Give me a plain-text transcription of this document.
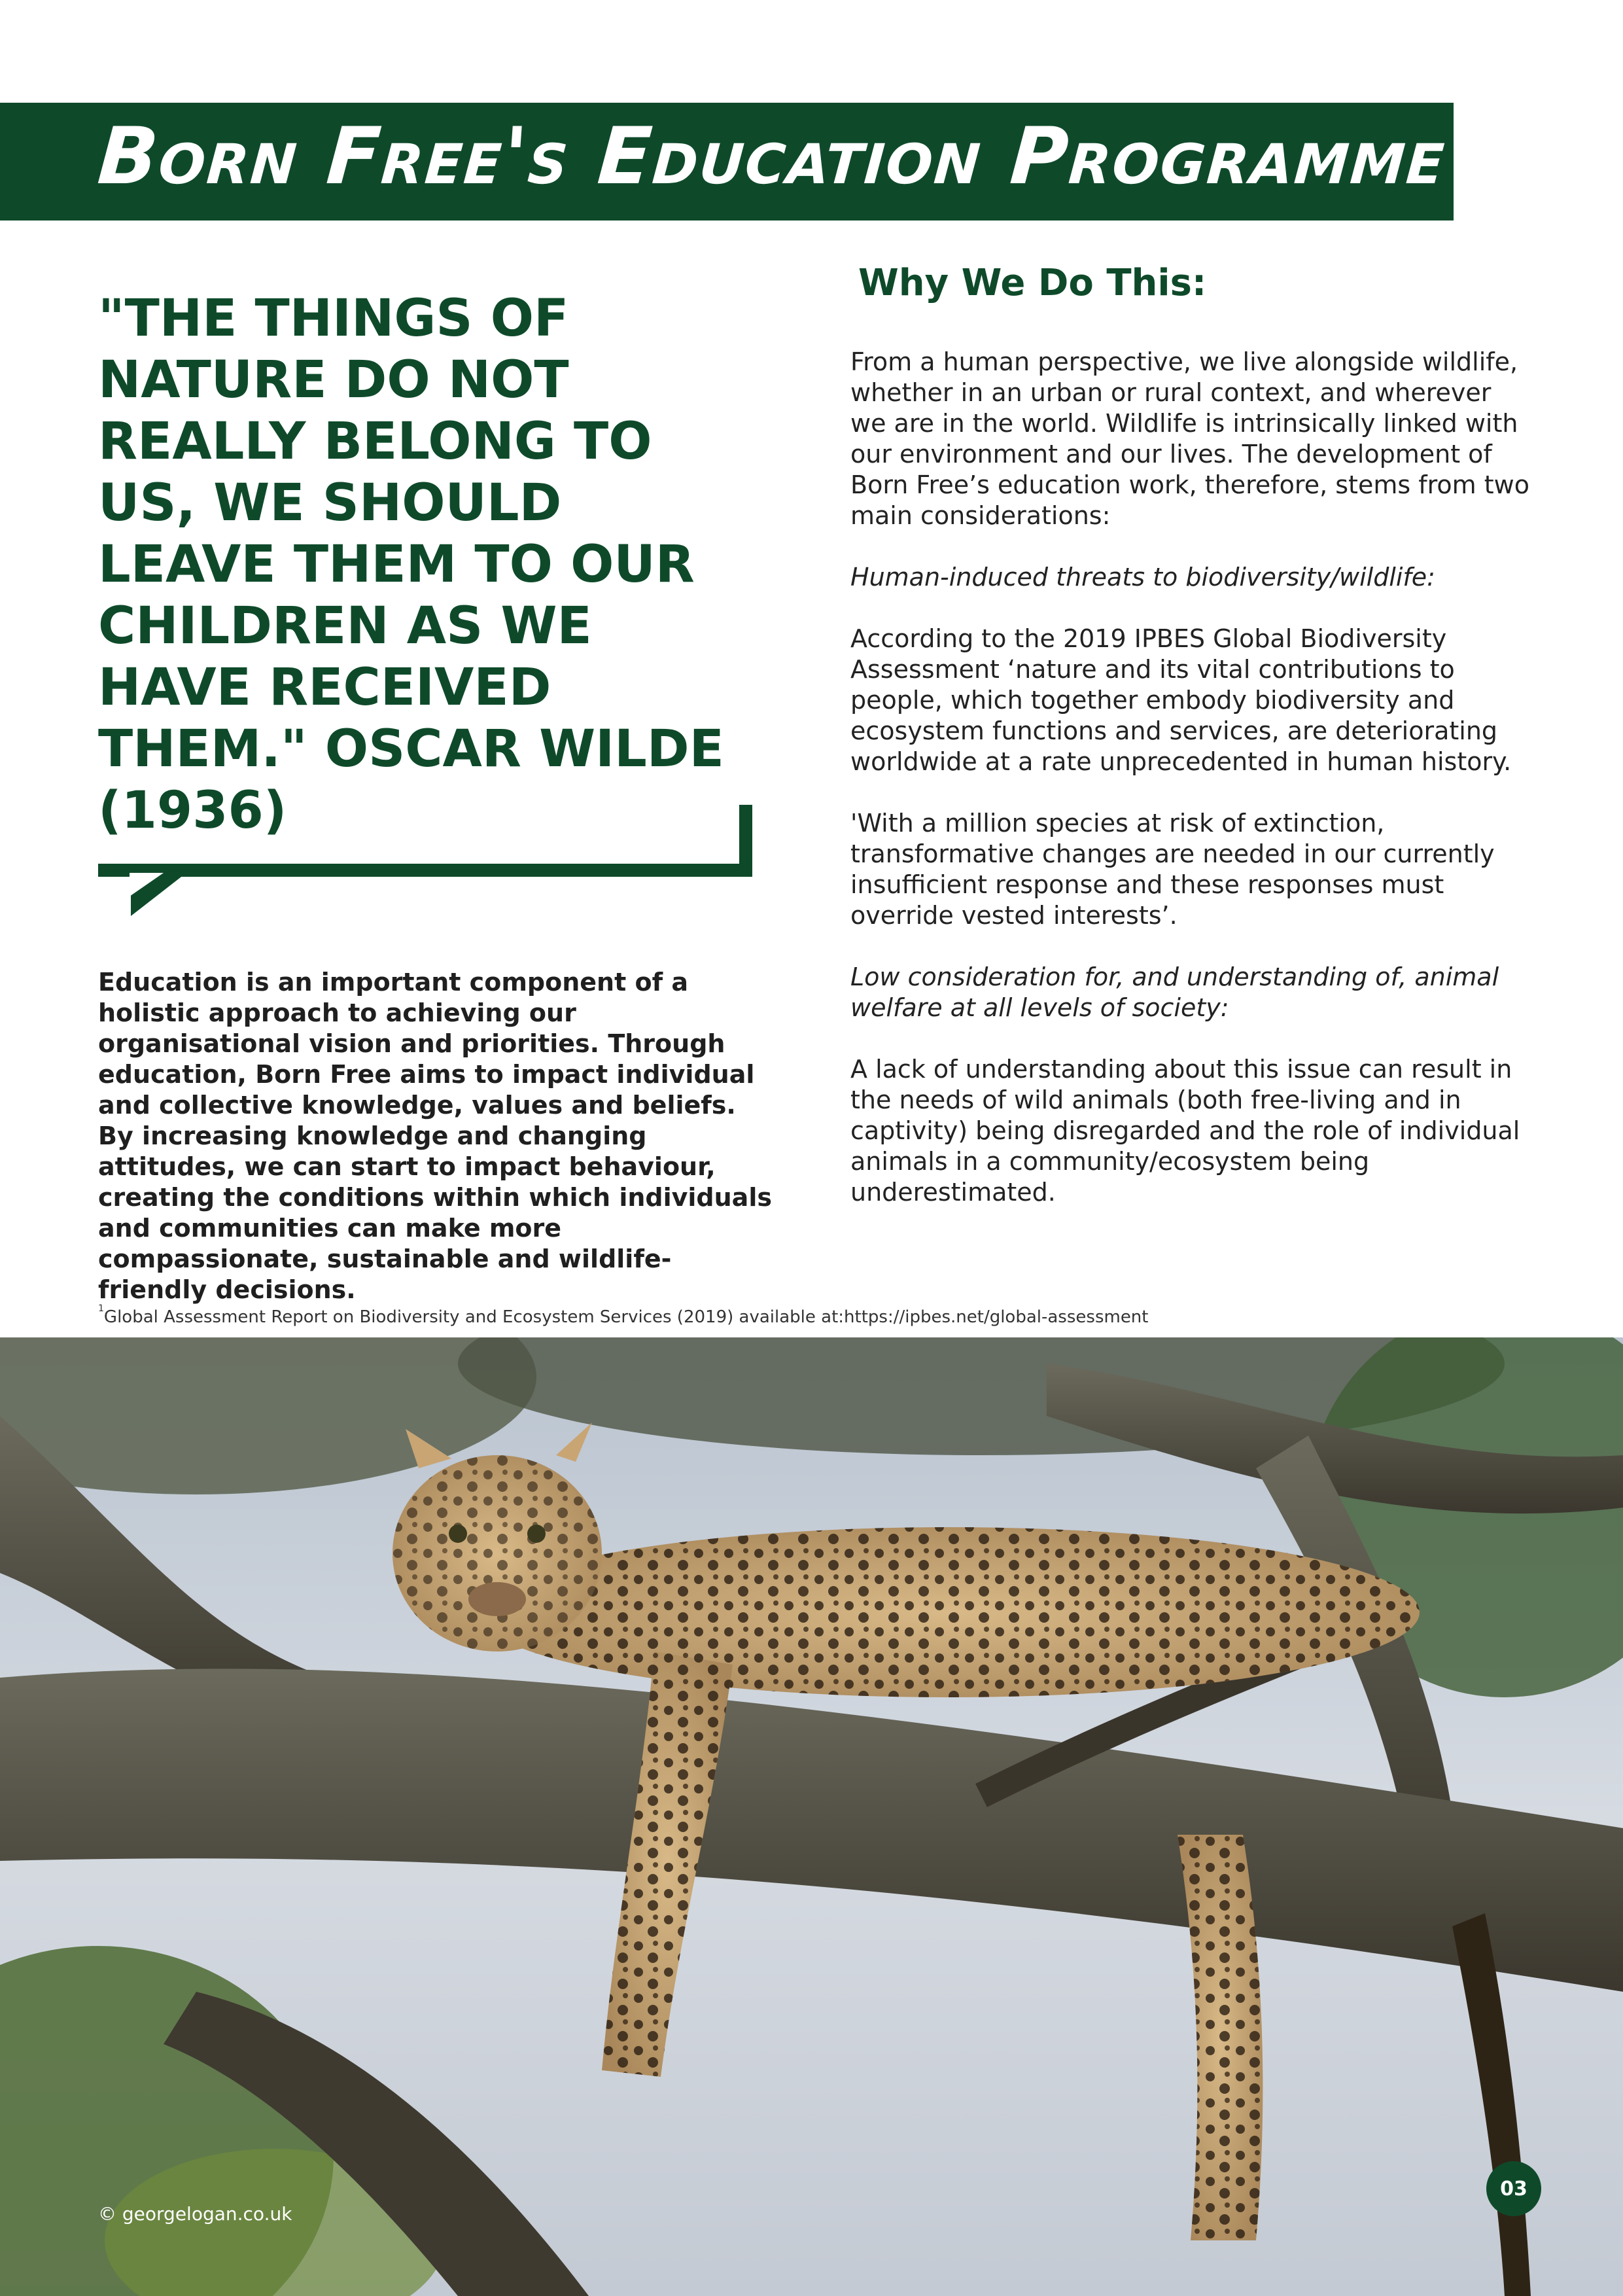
Born Free's Education Programme
"THE THINGS OF NATURE DO NOT REALLY BELONG TO US, WE SHOULD LEAVE THEM TO OUR CHILDREN AS WE HAVE RECEIVED THEM." OSCAR WILDE (1936)

Education is an important component of a holistic approach to achieving our organisational vision and priorities. Through education, Born Free aims to impact individual and collective knowledge, values and beliefs. By increasing knowledge and changing attitudes, we can start to impact behaviour, creating the conditions within which individuals and communities can make more compassionate, sustainable and wildlife-friendly decisions.

Why We Do This:

From a human perspective, we live alongside wildlife, whether in an urban or rural context, and wherever we are in the world. Wildlife is intrinsically linked with our environment and our lives. The development of Born Free’s education work, therefore, stems from two main considerations:

Human-induced threats to biodiversity/wildlife:

According to the 2019 IPBES Global Biodiversity Assessment ‘nature and its vital contributions to people, which together embody biodiversity and ecosystem functions and services, are deteriorating worldwide at a rate unprecedented in human history.

'With a million species at risk of extinction, transformative changes are needed in our currently insufficient response and these responses must override vested interests’.

Low consideration for, and understanding of, animal welfare at all levels of society:

A lack of understanding about this issue can result in the needs of wild animals (both free-living and in captivity) being disregarded and the role of individual animals in a community/ecosystem being underestimated.

$^1$Global Assessment Report on Biodiversity and Ecosystem Services (2019) available at:https://ipbes.net/global-assessment
© georgelogan.co.uk
03
